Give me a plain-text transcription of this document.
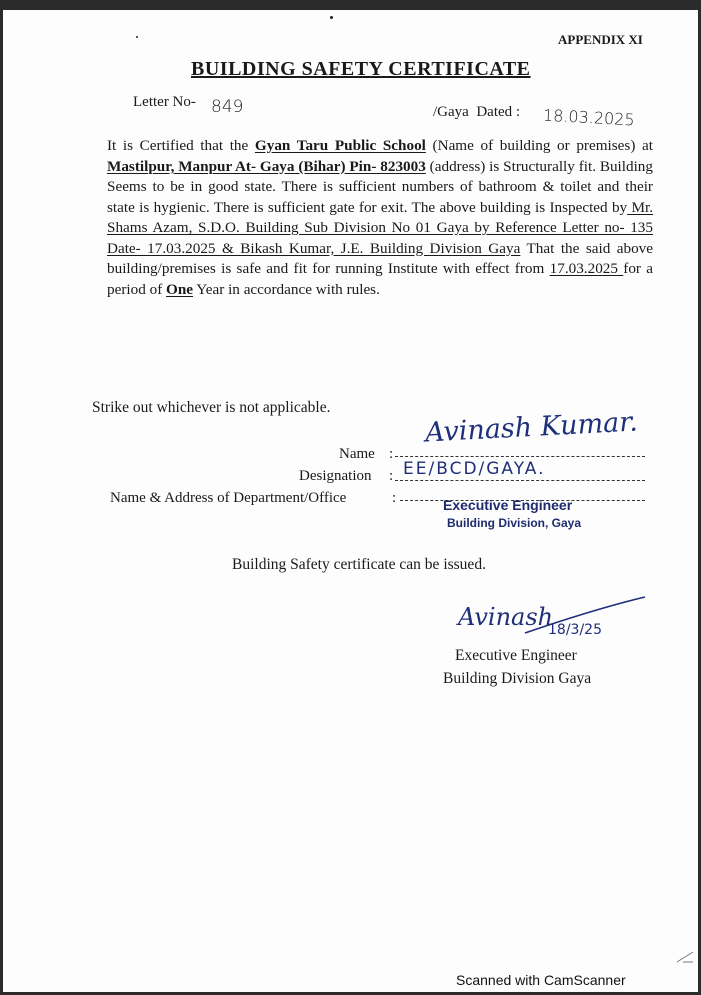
APPENDIX XI
BUILDING SAFETY CERTIFICATE
Letter No- 849	/Gaya Dated : 18.03.2025
It is Certified that the Gyan Taru Public School (Name of building or premises) at Mastilpur, Manpur At- Gaya (Bihar) Pin- 823003 (address) is Structurally fit. Building Seems to be in good state. There is sufficient numbers of bathroom & toilet and their state is hygienic. There is sufficient gate for exit. The above building is Inspected by Mr. Shams Azam, S.D.O. Building Sub Division No 01 Gaya by Reference Letter no- 135 Date- 17.03.2025 & Bikash Kumar, J.E. Building Division Gaya That the said above building/premises is safe and fit for running Institute with effect from 17.03.2025 for a period of One Year in accordance with rules.
Strike out whichever is not applicable.
Name :
Avinash Kumar.
Designation : EE/BCD/GAYA.
Name & Address of Department/Office	:	Executive Engineer
Building Division, Gaya
Building Safety certificate can be issued.
Avinash
18/3/25
Executive Engineer
Building Division Gaya
Scanned with CamScanner
